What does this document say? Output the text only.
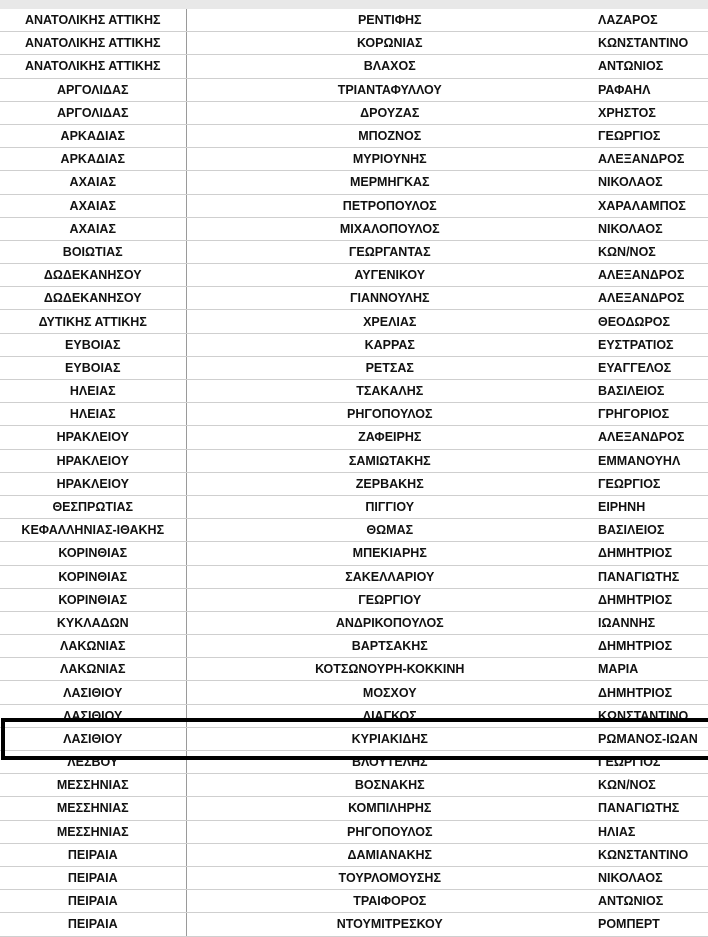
ΑΝΑΤΟΛΙΚΗΣ ΑΤΤΙΚΗΣ	ΡΕΝΤΙΦΗΣ	ΛΑΖΑΡΟΣ
ΑΝΑΤΟΛΙΚΗΣ ΑΤΤΙΚΗΣ	ΚΟΡΩΝΙΑΣ	ΚΩΝΣΤΑΝΤΙΝΟ
ΑΝΑΤΟΛΙΚΗΣ ΑΤΤΙΚΗΣ	ΒΛΑΧΟΣ	ΑΝΤΩΝΙΟΣ
ΑΡΓΟΛΙΔΑΣ	ΤΡΙΑΝΤΑΦΥΛΛΟΥ	ΡΑΦΑΗΛ
ΑΡΓΟΛΙΔΑΣ	ΔΡΟΥΖΑΣ	ΧΡΗΣΤΟΣ
ΑΡΚΑΔΙΑΣ	ΜΠΟΖΝΟΣ	ΓΕΩΡΓΙΟΣ
ΑΡΚΑΔΙΑΣ	ΜΥΡΙΟΥΝΗΣ	ΑΛΕΞΑΝΔΡΟΣ
ΑΧΑΙΑΣ	ΜΕΡΜΗΓΚΑΣ	ΝΙΚΟΛΑΟΣ
ΑΧΑΙΑΣ	ΠΕΤΡΟΠΟΥΛΟΣ	ΧΑΡΑΛΑΜΠΟΣ
ΑΧΑΙΑΣ	ΜΙΧΑΛΟΠΟΥΛΟΣ	ΝΙΚΟΛΑΟΣ
ΒΟΙΩΤΙΑΣ	ΓΕΩΡΓΑΝΤΑΣ	ΚΩΝ/ΝΟΣ
ΔΩΔΕΚΑΝΗΣΟΥ	ΑΥΓΕΝΙΚΟΥ	ΑΛΕΞΑΝΔΡΟΣ
ΔΩΔΕΚΑΝΗΣΟΥ	ΓΙΑΝΝΟΥΛΗΣ	ΑΛΕΞΑΝΔΡΟΣ
ΔΥΤΙΚΗΣ ΑΤΤΙΚΗΣ	ΧΡΕΛΙΑΣ	ΘΕΟΔΩΡΟΣ
ΕΥΒΟΙΑΣ	ΚΑΡΡΑΣ	ΕΥΣΤΡΑΤΙΟΣ
ΕΥΒΟΙΑΣ	ΡΕΤΣΑΣ	ΕΥΑΓΓΕΛΟΣ
ΗΛΕΙΑΣ	ΤΣΑΚΑΛΗΣ	ΒΑΣΙΛΕΙΟΣ
ΗΛΕΙΑΣ	ΡΗΓΟΠΟΥΛΟΣ	ΓΡΗΓΟΡΙΟΣ
ΗΡΑΚΛΕΙΟΥ	ΖΑΦΕΙΡΗΣ	ΑΛΕΞΑΝΔΡΟΣ
ΗΡΑΚΛΕΙΟΥ	ΣΑΜΙΩΤΑΚΗΣ	ΕΜΜΑΝΟΥΗΛ
ΗΡΑΚΛΕΙΟΥ	ΖΕΡΒΑΚΗΣ	ΓΕΩΡΓΙΟΣ
ΘΕΣΠΡΩΤΙΑΣ	ΠΙΓΓΙΟΥ	ΕΙΡΗΝΗ
ΚΕΦΑΛΛΗΝΙΑΣ-ΙΘΑΚΗΣ	ΘΩΜΑΣ	ΒΑΣΙΛΕΙΟΣ
ΚΟΡΙΝΘΙΑΣ	ΜΠΕΚΙΑΡΗΣ	ΔΗΜΗΤΡΙΟΣ
ΚΟΡΙΝΘΙΑΣ	ΣΑΚΕΛΛΑΡΙΟΥ	ΠΑΝΑΓΙΩΤΗΣ
ΚΟΡΙΝΘΙΑΣ	ΓΕΩΡΓΙΟΥ	ΔΗΜΗΤΡΙΟΣ
ΚΥΚΛΑΔΩΝ	ΑΝΔΡΙΚΟΠΟΥΛΟΣ	ΙΩΑΝΝΗΣ
ΛΑΚΩΝΙΑΣ	ΒΑΡΤΣΑΚΗΣ	ΔΗΜΗΤΡΙΟΣ
ΛΑΚΩΝΙΑΣ	ΚΟΤΣΩΝΟΥΡΗ-ΚΟΚΚΙΝΗ	ΜΑΡΙΑ
ΛΑΣΙΘΙΟΥ	ΜΟΣΧΟΥ	ΔΗΜΗΤΡΙΟΣ
ΛΑΣΙΘΙΟΥ	ΛΙΑΓΚΟΣ	ΚΩΝΣΤΑΝΤΙΝΟ
ΛΑΣΙΘΙΟΥ	ΚΥΡΙΑΚΙΔΗΣ	ΡΩΜΑΝΟΣ-ΙΩΑΝ
ΛΕΣΒΟΥ	ΒΛΟΥΤΕΛΗΣ	ΓΕΩΡΓΙΟΣ
ΜΕΣΣΗΝΙΑΣ	ΒΟΣΝΑΚΗΣ	ΚΩΝ/ΝΟΣ
ΜΕΣΣΗΝΙΑΣ	ΚΟΜΠΙΛΗΡΗΣ	ΠΑΝΑΓΙΩΤΗΣ
ΜΕΣΣΗΝΙΑΣ	ΡΗΓΟΠΟΥΛΟΣ	ΗΛΙΑΣ
ΠΕΙΡΑΙΑ	ΔΑΜΙΑΝΑΚΗΣ	ΚΩΝΣΤΑΝΤΙΝΟ
ΠΕΙΡΑΙΑ	ΤΟΥΡΛΟΜΟΥΣΗΣ	ΝΙΚΟΛΑΟΣ
ΠΕΙΡΑΙΑ	ΤΡΑΙΦΟΡΟΣ	ΑΝΤΩΝΙΟΣ
ΠΕΙΡΑΙΑ	ΝΤΟΥΜΙΤΡΕΣΚΟΥ	ΡΟΜΠΕΡΤ
